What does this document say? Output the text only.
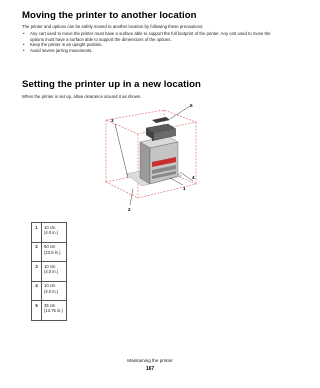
Moving the printer to another location

The printer and options can be safely moved to another location by following these precautions:

• Any cart used to move the printer must have a surface able to support the full footprint of the printer. Any cart used to move the options must have a surface able to support the dimensions of the options.
• Keep the printer in an upright position.
• Avoid severe jarring movements.
Setting the printer up in a new location

When the printer is set up, allow clearance around it as shown.

1
2
3
4
5
1	10 cm
(4.0 in.)

2	60 cm
(23.5 in.)

3	10 cm
(4.0 in.)

4	10 cm
(4.0 in.)

5	35 cm
(13.75 in.)
Maintaining the printer
167
